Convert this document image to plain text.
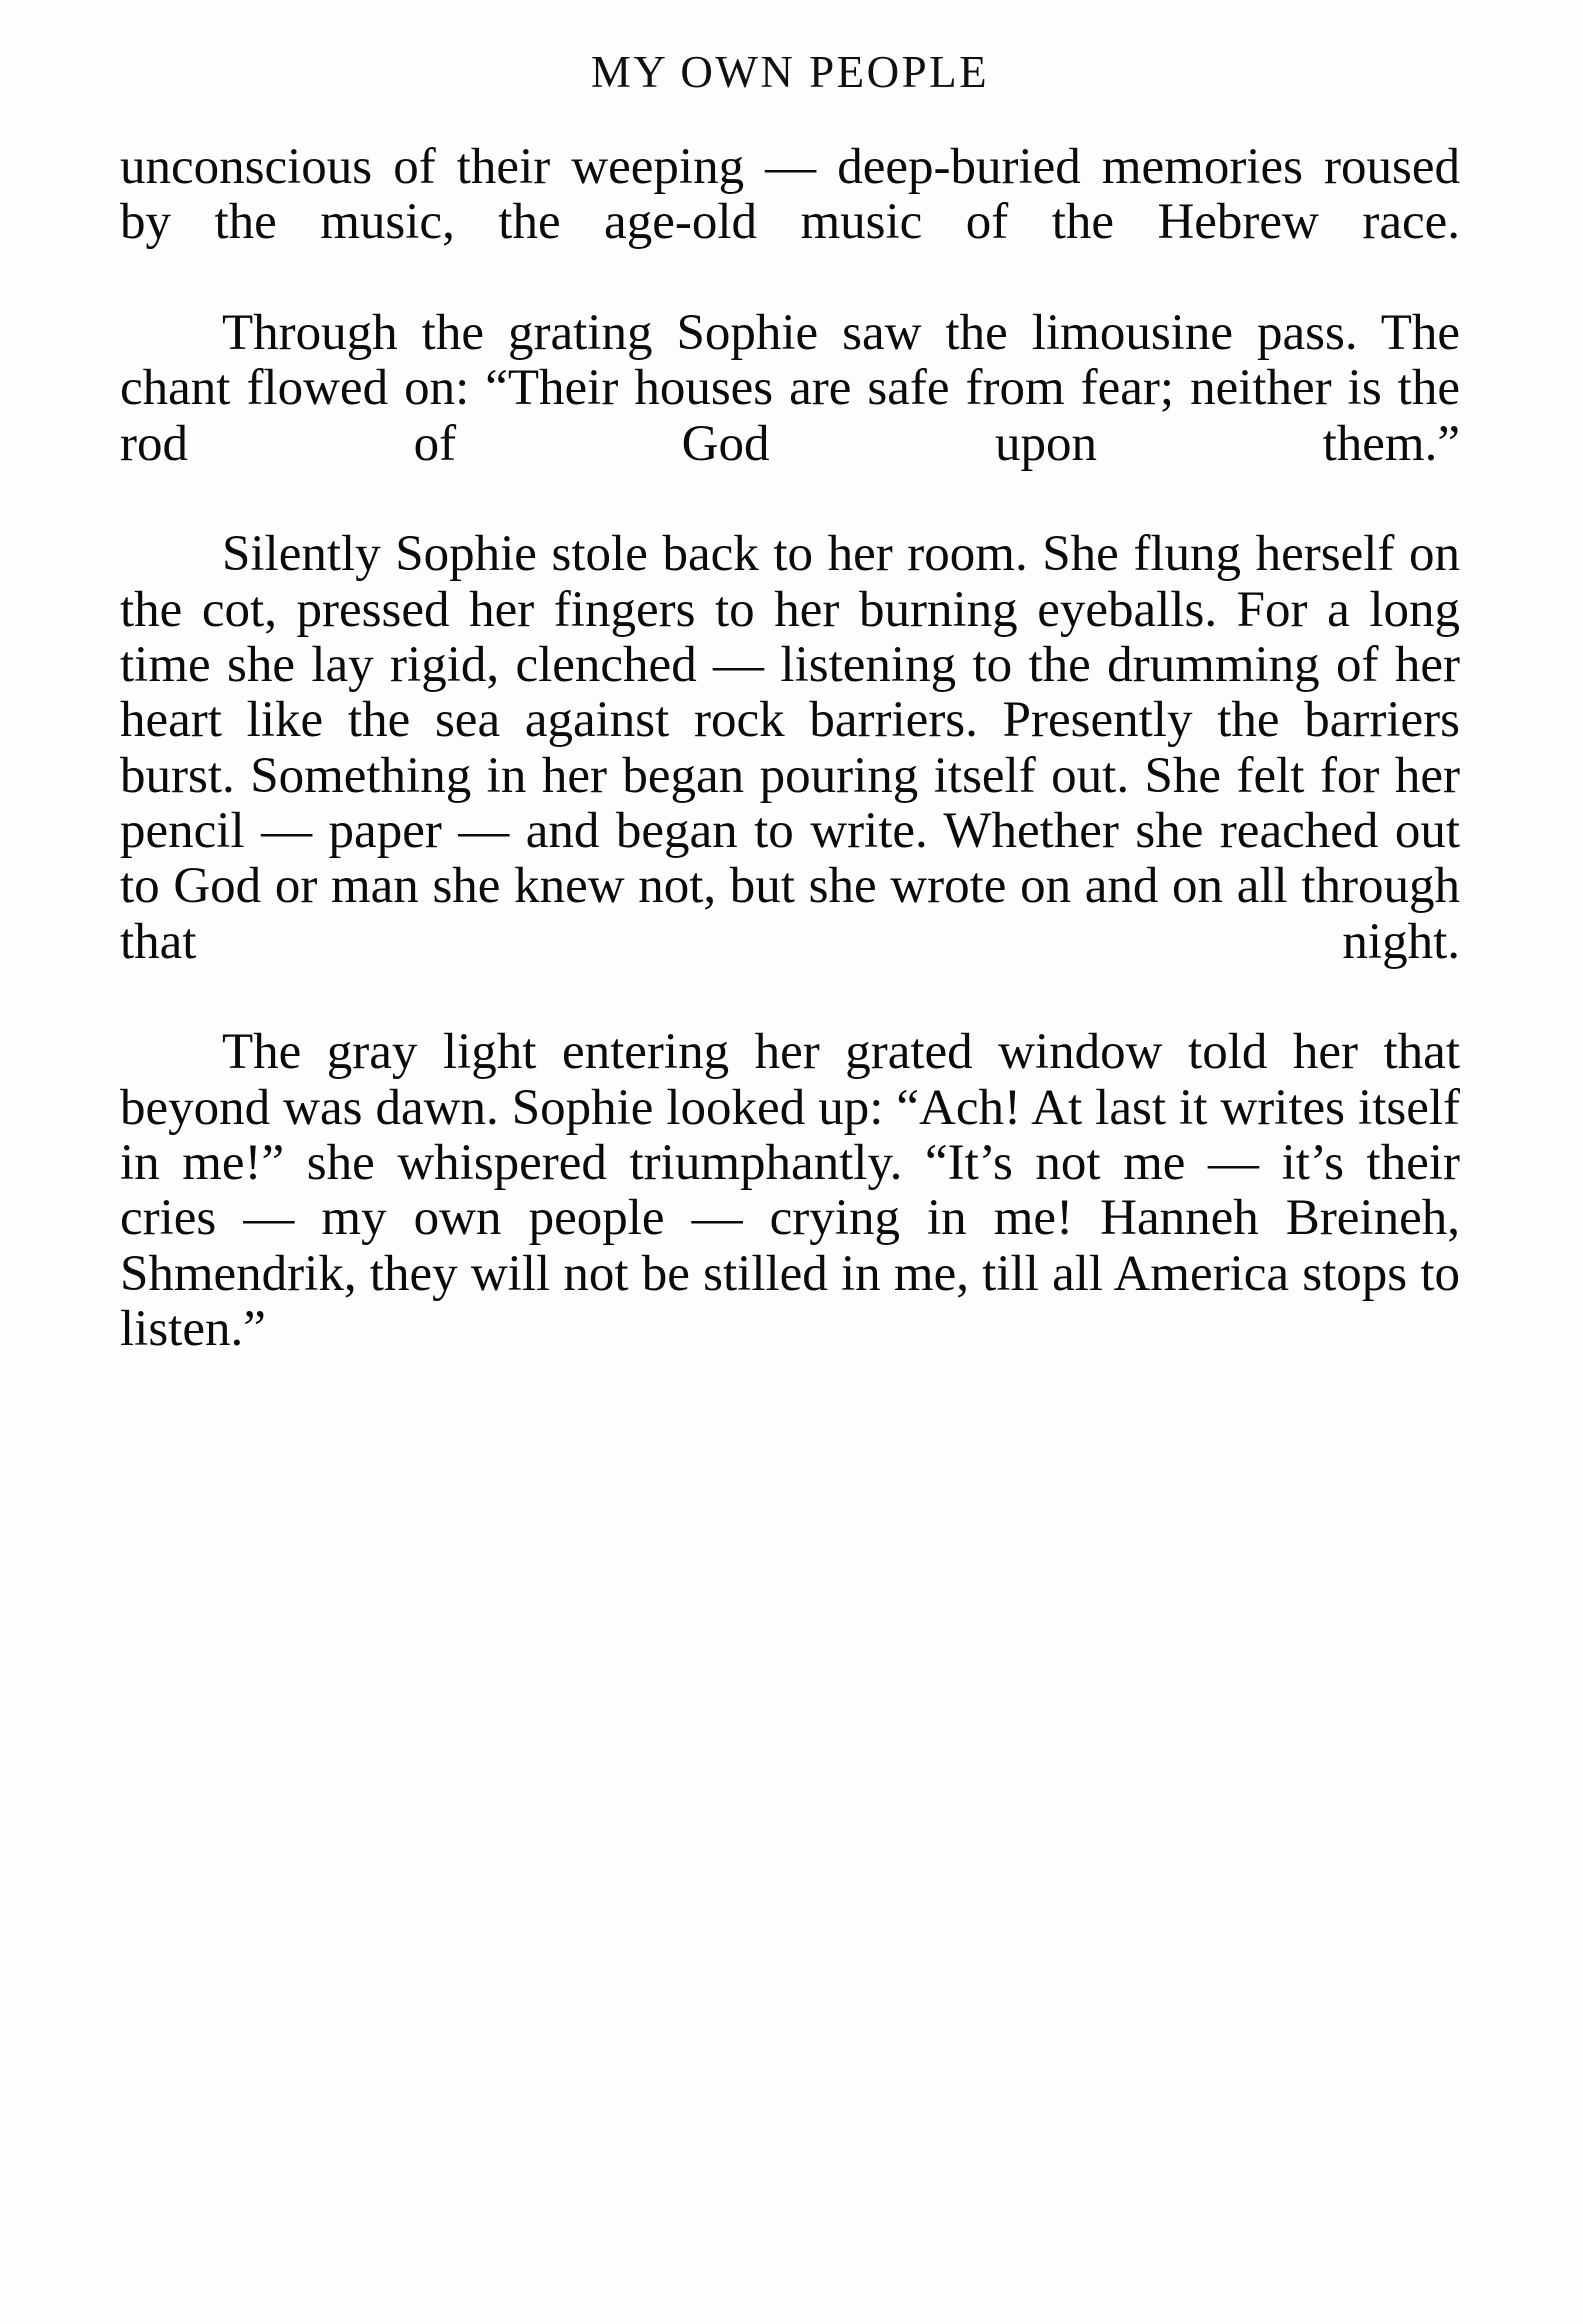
MY OWN PEOPLE

unconscious of their weeping — deep-buried memories roused by the music, the age-old music of the Hebrew race.

Through the grating Sophie saw the limousine pass. The chant flowed on: “Their houses are safe from fear; neither is the rod of God upon them.”

Silently Sophie stole back to her room. She flung herself on the cot, pressed her fingers to her burning eyeballs. For a long time she lay rigid, clenched — listening to the drumming of her heart like the sea against rock barriers. Presently the barriers burst. Something in her began pouring itself out. She felt for her pencil — paper — and began to write. Whether she reached out to God or man she knew not, but she wrote on and on all through that night.

The gray light entering her grated window told her that beyond was dawn. Sophie looked up: “Ach! At last it writes itself in me!” she whispered triumphantly. “It’s not me — it’s their cries — my own people — crying in me! Hanneh Breineh, Shmendrik, they will not be stilled in me, till all America stops to listen.”
